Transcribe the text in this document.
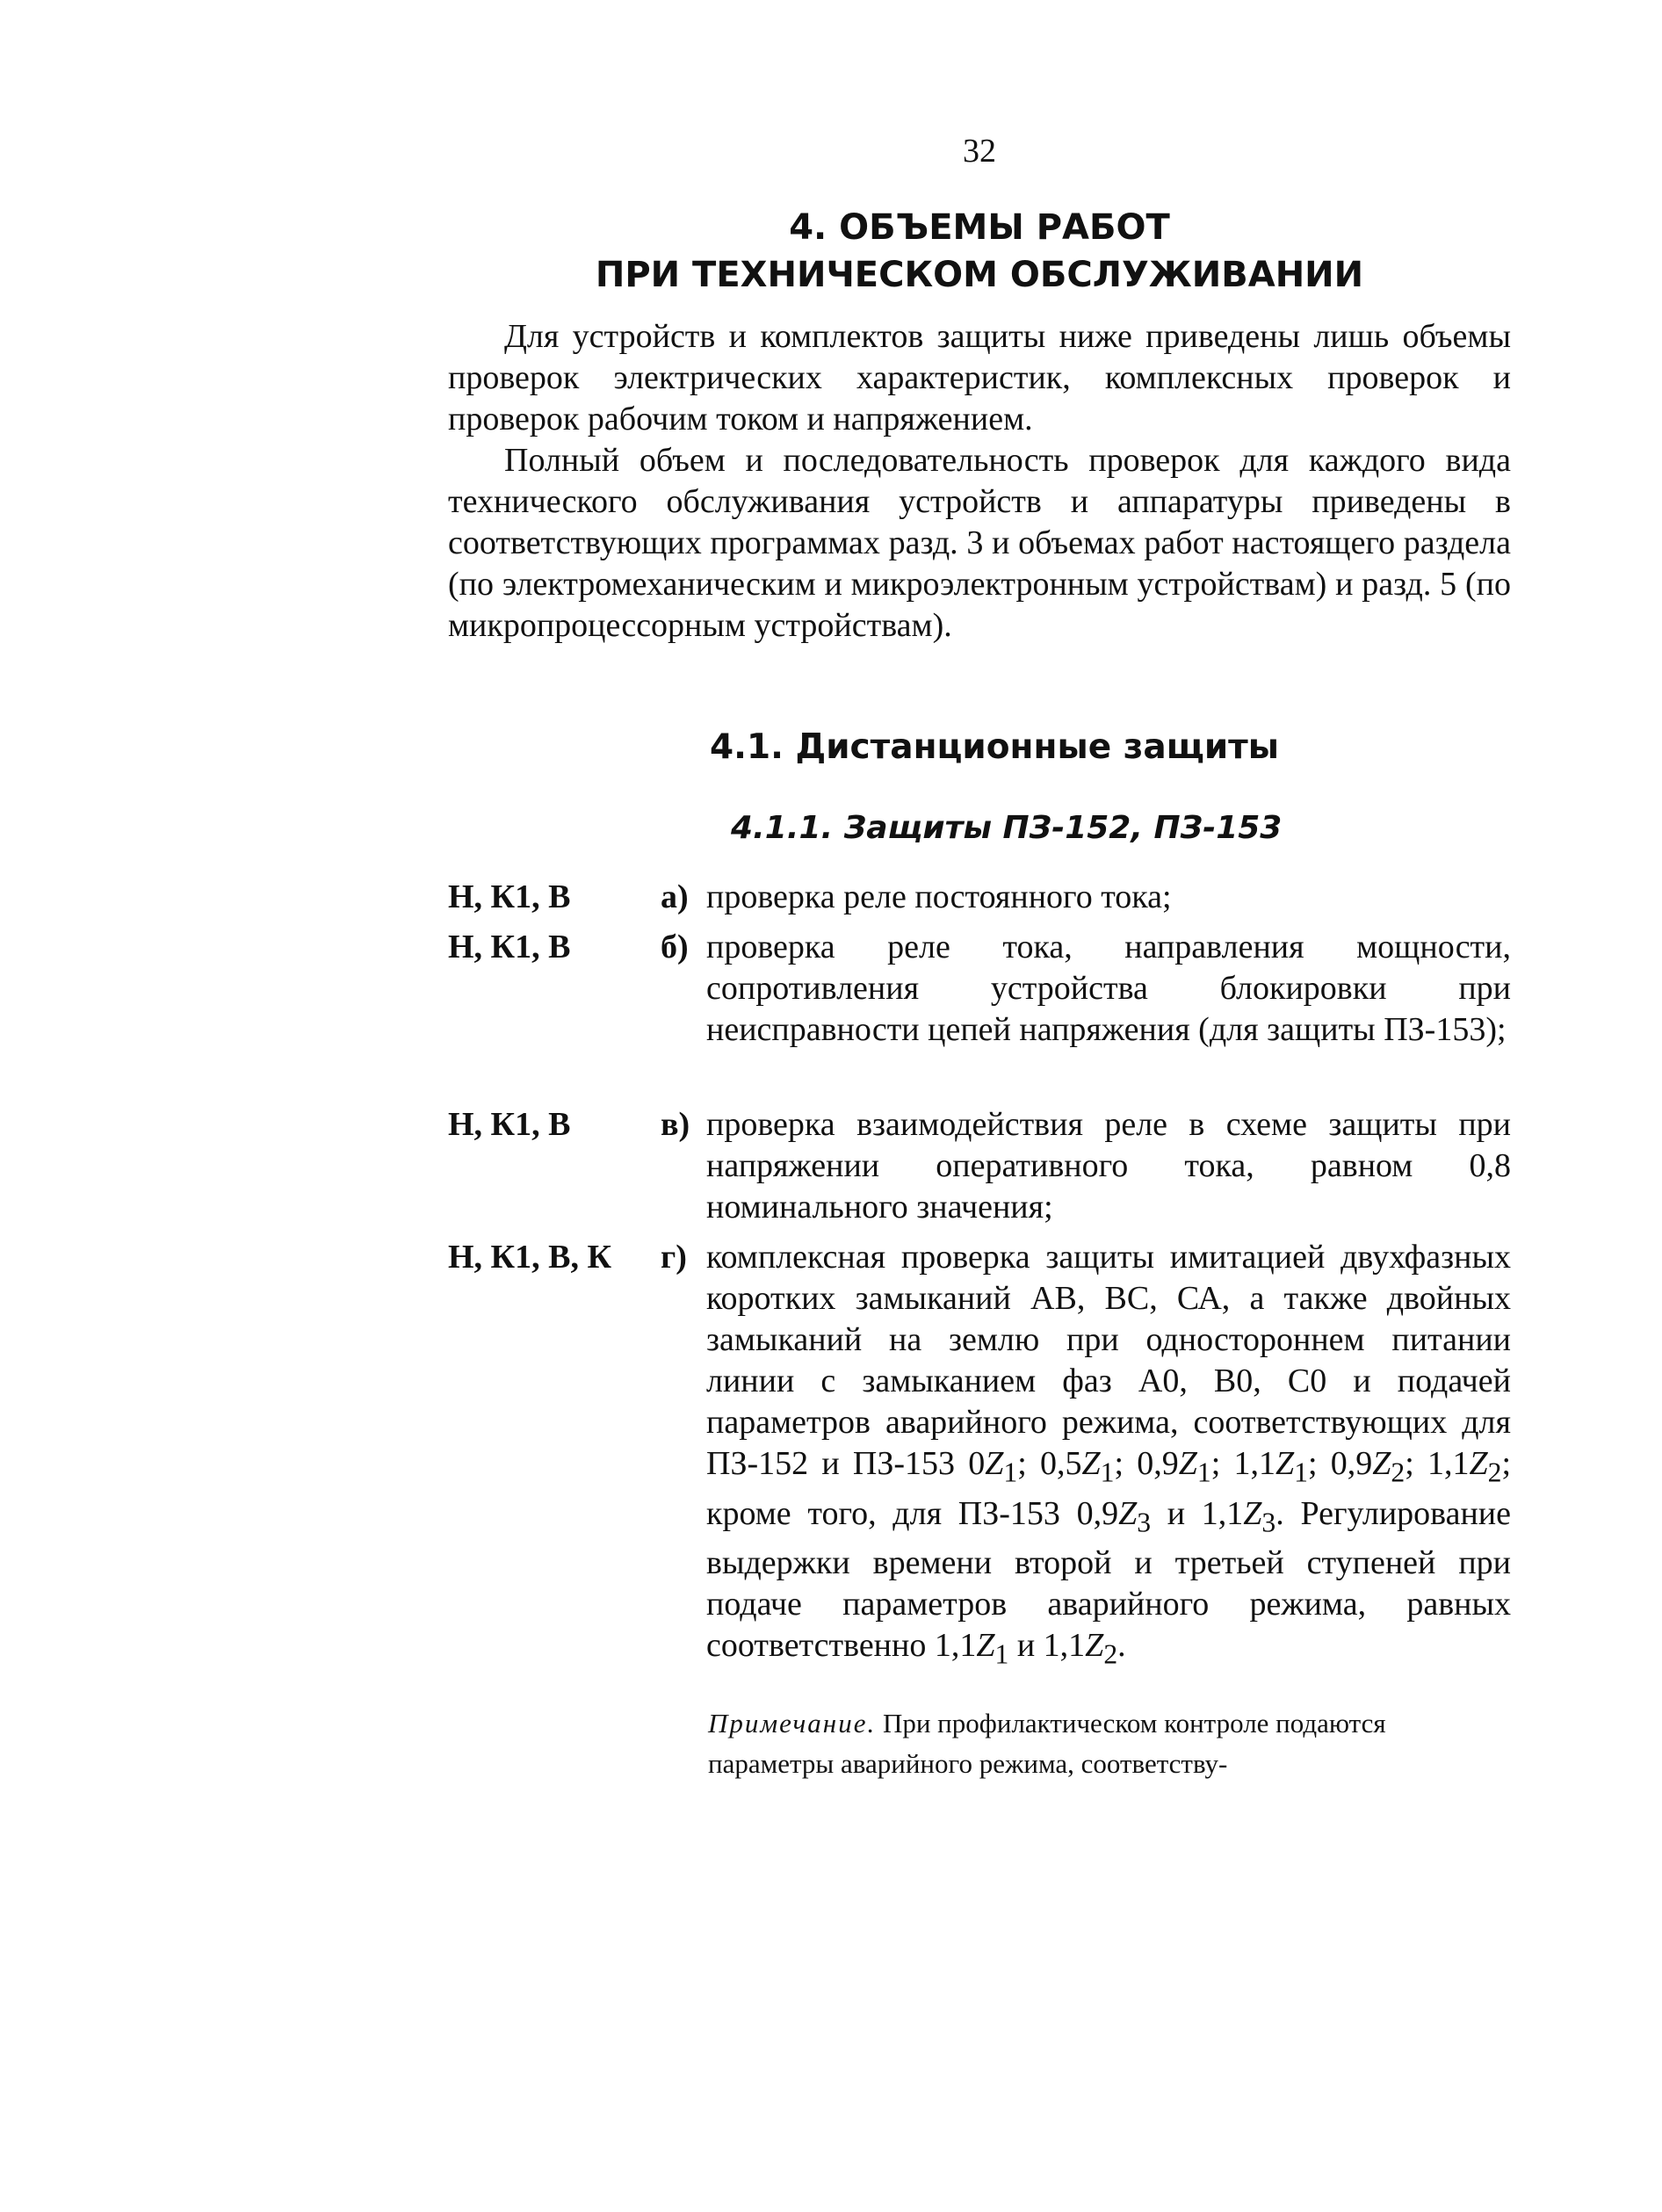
32
4. ОБЪЕМЫ РАБОТ
ПРИ ТЕХНИЧЕСКОМ ОБСЛУЖИВАНИИ
Для устройств и комплектов защиты ниже приведены лишь объемы проверок электрических характеристик, комплексных проверок и проверок рабочим током и напряжением.
Полный объем и последовательность проверок для каждого вида технического обслуживания устройств и аппаратуры приведены в соответствующих программах разд. 3 и объемах работ настоящего раздела (по электромеханическим и микроэлектронным устройствам) и разд. 5 (по микропроцессорным устройствам).
4.1. Дистанционные защиты
4.1.1. Защиты ПЗ-152, ПЗ-153
Н, К1, В	а) проверка реле постоянного тока;
Н, К1, В	б) проверка реле тока, направления мощности, сопротивления устройства блокировки при неисправности цепей напряжения (для защиты ПЗ-153);
Н, К1, В	в) проверка взаимодействия реле в схеме защиты при напряжении оперативного тока, равном 0,8 номинального значения;
Н, К1, В, К	г) комплексная проверка защиты имитацией двухфазных коротких замыканий АВ, ВС, СА, а также двойных замыканий на землю при одностороннем питании линии с замыканием фаз А0, В0, С0 и подачей параметров аварийного режима, соответствующих для ПЗ-152 и ПЗ-153 $0Z_1$; $0,5Z_1$; $0,9Z_1$; $1,1Z_1$; $0,9Z_2$; $1,1Z_2$; кроме того, для ПЗ-153 $0,9Z_3$ и $1,1Z_3$. Регулирование выдержки времени второй и третьей ступеней при подаче параметров аварийного режима, равных соответственно $1,1Z_1$ и $1,1Z_2$.
Примечание. При профилактическом контроле подаются параметры аварийного режима, соответству-
